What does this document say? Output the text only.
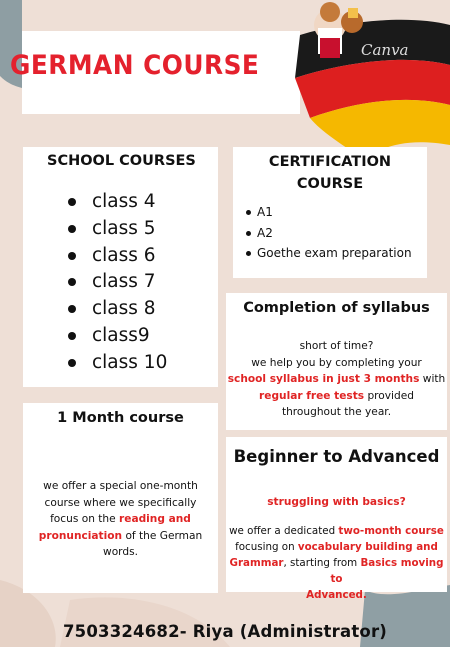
Canva
GERMAN COURSE
SCHOOL COURSES
class 4
class 5
class 6
class 7
class 8
class9
class 10
CERTIFICATION
COURSE
A1
A2
Goethe exam preparation
Completion of syllabus

short of time?

we help you by completing your

school syllabus in just 3 months with

regular free tests provided

throughout the year.

1 Month course

we offer a special one-month

course where we specifically

focus on the reading and

pronunciation of the German

words.

Beginner to Advanced

struggling with basics?

we offer a dedicated two-month course

focusing on vocabulary building and

Grammar, starting from Basics moving to

Advanced.

7503324682- Riya (Administrator)
